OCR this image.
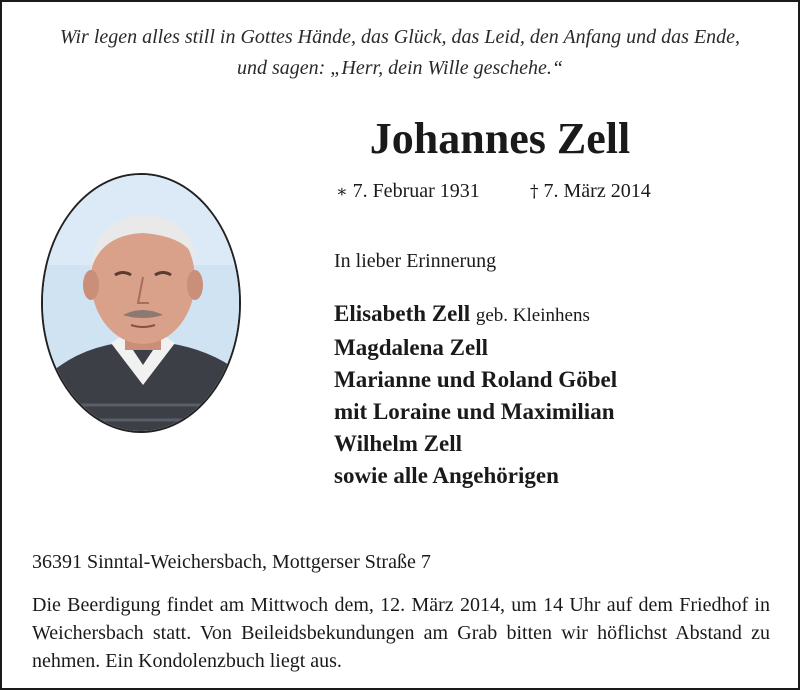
Wir legen alles still in Gottes Hände, das Glück, das Leid, den Anfang und das Ende,
und sagen: „Herr, dein Wille geschehe.“
Johannes Zell
∗ 7. Februar 1931	† 7. März 2014
In lieber Erinnerung
Elisabeth Zell geb. Kleinhens
Magdalena Zell
Marianne und Roland Göbel
mit Loraine und Maximilian
Wilhelm Zell
sowie alle Angehörigen
36391 Sinntal-Weichersbach, Mottgerser Straße 7
Die Beerdigung findet am Mittwoch dem, 12. März 2014, um 14 Uhr auf dem Friedhof in Weichersbach statt. Von Beileidsbekundungen am Grab bitten wir höflichst Abstand zu nehmen. Ein Kondolenzbuch liegt aus.
